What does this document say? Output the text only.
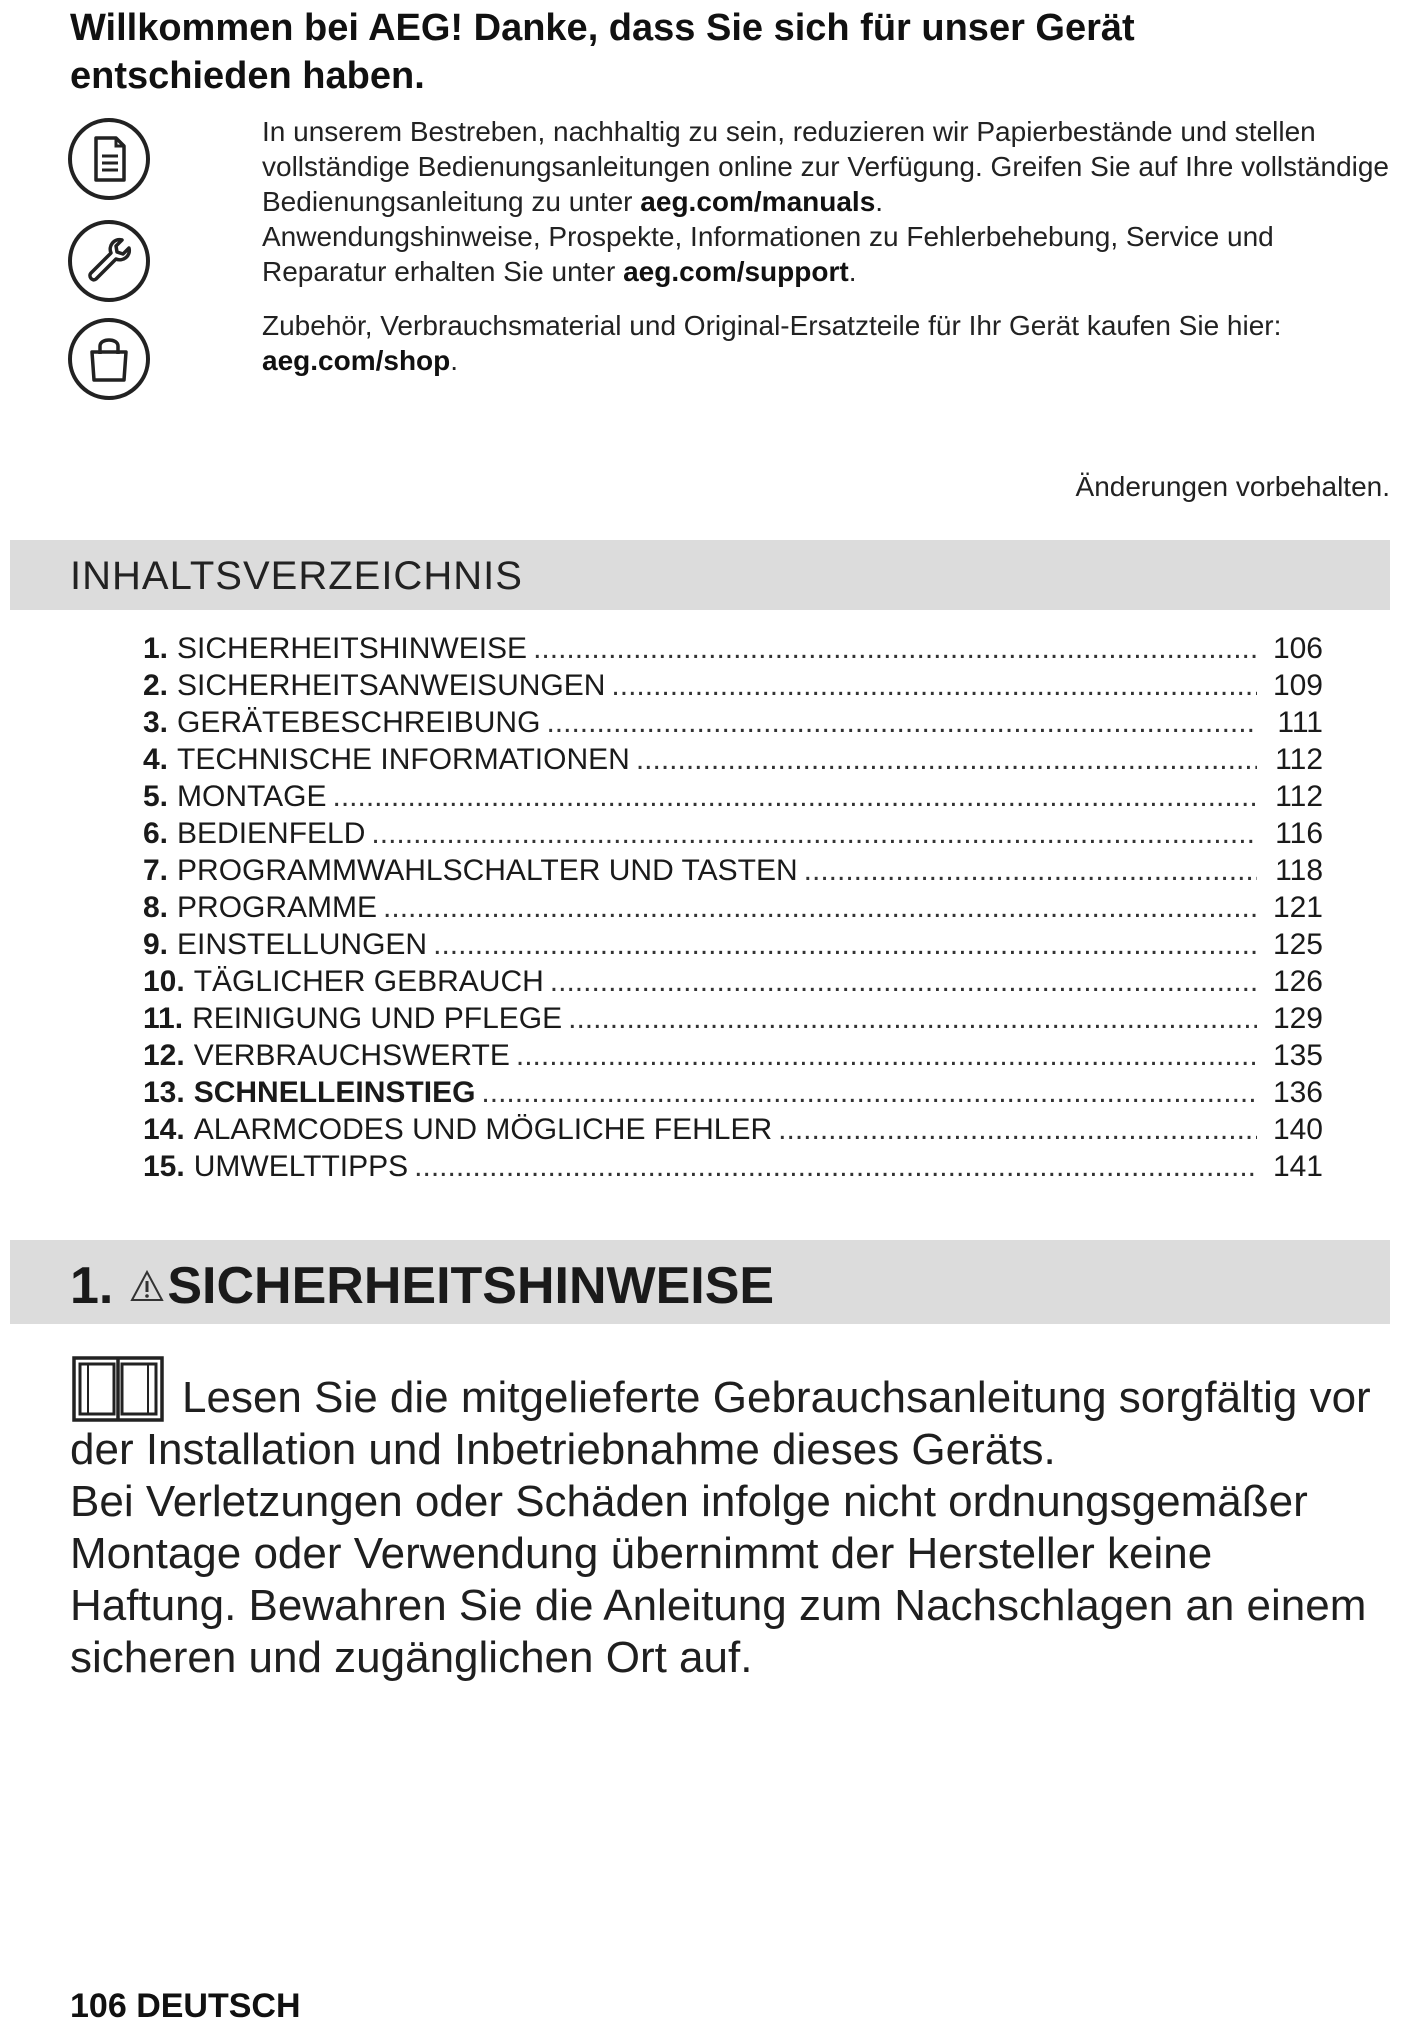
Willkommen bei AEG! Danke, dass Sie sich für unser Gerät
entschieden haben.
In unserem Bestreben, nachhaltig zu sein, reduzieren wir Papierbestände und stellen vollständige Bedienungsanleitungen online zur Verfügung. Greifen Sie auf Ihre vollständige Bedienungsanleitung zu unter aeg.com/manuals.
Anwendungshinweise, Prospekte, Informationen zu Fehlerbehebung, Service und Reparatur erhalten Sie unter aeg.com/support.
Zubehör, Verbrauchsmaterial und Original-Ersatzteile für Ihr Gerät kaufen Sie hier:
aeg.com/shop.
Änderungen vorbehalten.
INHALTSVERZEICHNIS
1. SICHERHEITSHINWEISE .....	106
2. SICHERHEITSANWEISUNGEN .....	109
3. GERÄTEBESCHREIBUNG .....	111
4. TECHNISCHE INFORMATIONEN .....	112
5. MONTAGE .....	112
6. BEDIENFELD .....	116
7. PROGRAMMWAHLSCHALTER UND TASTEN .....	118
8. PROGRAMME .....	121
9. EINSTELLUNGEN .....	125
10. TÄGLICHER GEBRAUCH .....	126
11. REINIGUNG UND PFLEGE .....	129
12. VERBRAUCHSWERTE .....	135
13. SCHNELLEINSTIEG .....	136
14. ALARMCODES UND MÖGLICHE FEHLER .....	140
15. UMWELTTIPPS .....	141
1. SICHERHEITSHINWEISE
Lesen Sie die mitgelieferte Gebrauchsanleitung sorgfältig vor der Installation und Inbetriebnahme dieses Geräts.
Bei Verletzungen oder Schäden infolge nicht ordnungsgemäßer Montage oder Verwendung übernimmt der Hersteller keine Haftung. Bewahren Sie die Anleitung zum Nachschlagen an einem sicheren und zugänglichen Ort auf.
106 DEUTSCH
